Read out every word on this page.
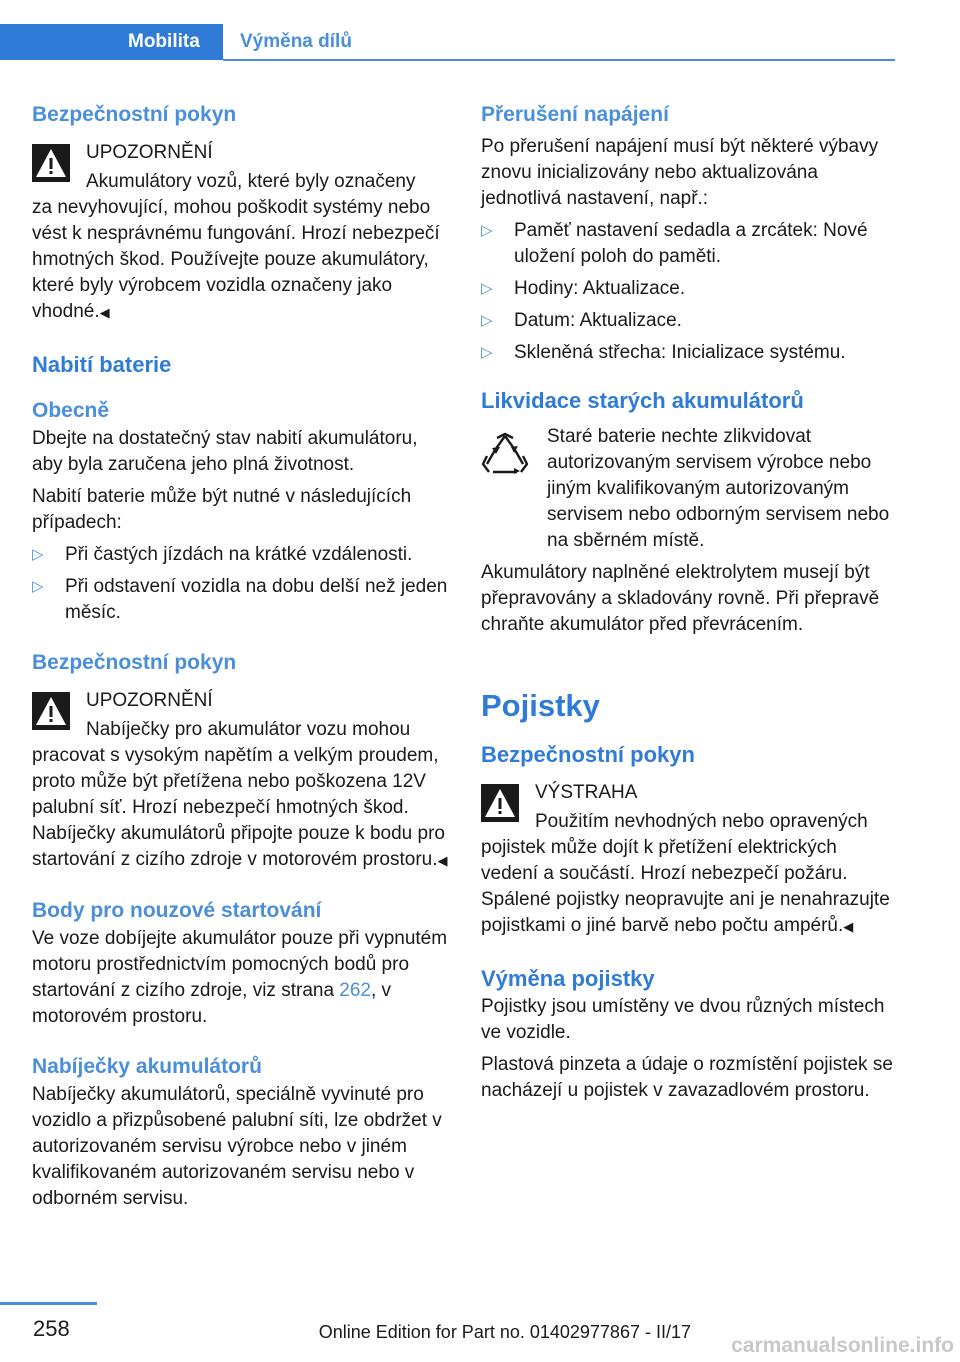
Mobilita Výměna dílů
Bezpečnostní pokyn
UPOZORNĚNÍ
Akumulátory vozů, které byly označeny
za nevyhovující, mohou poškodit systémy nebo vést k nesprávnému fungování. Hrozí nebezpečí hmotných škod. Používejte pouze akumulátory, které byly výrobcem vozidla označeny jako vhodné.◀
Nabití baterie
Obecně
Dbejte na dostatečný stav nabití akumulátoru, aby byla zaručena jeho plná životnost.
Nabití baterie může být nutné v následujících případech:
▷ Při častých jízdách na krátké vzdálenosti.
▷ Při odstavení vozidla na dobu delší než jeden měsíc.
Bezpečnostní pokyn
UPOZORNĚNÍ
Nabíječky pro akumulátor vozu mohou
pracovat s vysokým napětím a velkým proudem, proto může být přetížena nebo poškozena 12V palubní síť. Hrozí nebezpečí hmotných škod. Nabíječky akumulátorů připojte pouze k bodu pro startování z cizího zdroje v motorovém prostoru.◀
Body pro nouzové startování
Ve voze dobíjejte akumulátor pouze při vypnutém motoru prostřednictvím pomocných bodů pro startování z cizího zdroje, viz strana 262, v motorovém prostoru.
Nabíječky akumulátorů
Nabíječky akumulátorů, speciálně vyvinuté pro vozidlo a přizpůsobené palubní síti, lze obdržet v autorizovaném servisu výrobce nebo v jiném kvalifikovaném autorizovaném servisu nebo v odborném servisu.
Přerušení napájení
Po přerušení napájení musí být některé výbavy znovu inicializovány nebo aktualizována jednotlivá nastavení, např.:
▷ Paměť nastavení sedadla a zrcátek: Nové uložení poloh do paměti.
▷ Hodiny: Aktualizace.
▷ Datum: Aktualizace.
▷ Skleněná střecha: Inicializace systému.
Likvidace starých akumulátorů
Staré baterie nechte zlikvidovat autorizovaným servisem výrobce nebo jiným kvalifikovaným autorizovaným servisem nebo odborným servisem nebo na sběrném místě.
Akumulátory naplněné elektrolytem musejí být přepravovány a skladovány rovně. Při přepravě chraňte akumulátor před převrácením.
Pojistky
Bezpečnostní pokyn
VÝSTRAHA
Použitím nevhodných nebo opravených
pojistek může dojít k přetížení elektrických vedení a součástí. Hrozí nebezpečí požáru. Spálené pojistky neopravujte ani je nenahrazujte pojistkami o jiné barvě nebo počtu ampérů.◀
Výměna pojistky
Pojistky jsou umístěny ve dvou různých místech ve vozidle.
Plastová pinzeta a údaje o rozmístění pojistek se nacházejí u pojistek v zavazadlovém prostoru.
258	Online Edition for Part no. 01402977867 - II/17
carmanualsonline.info
